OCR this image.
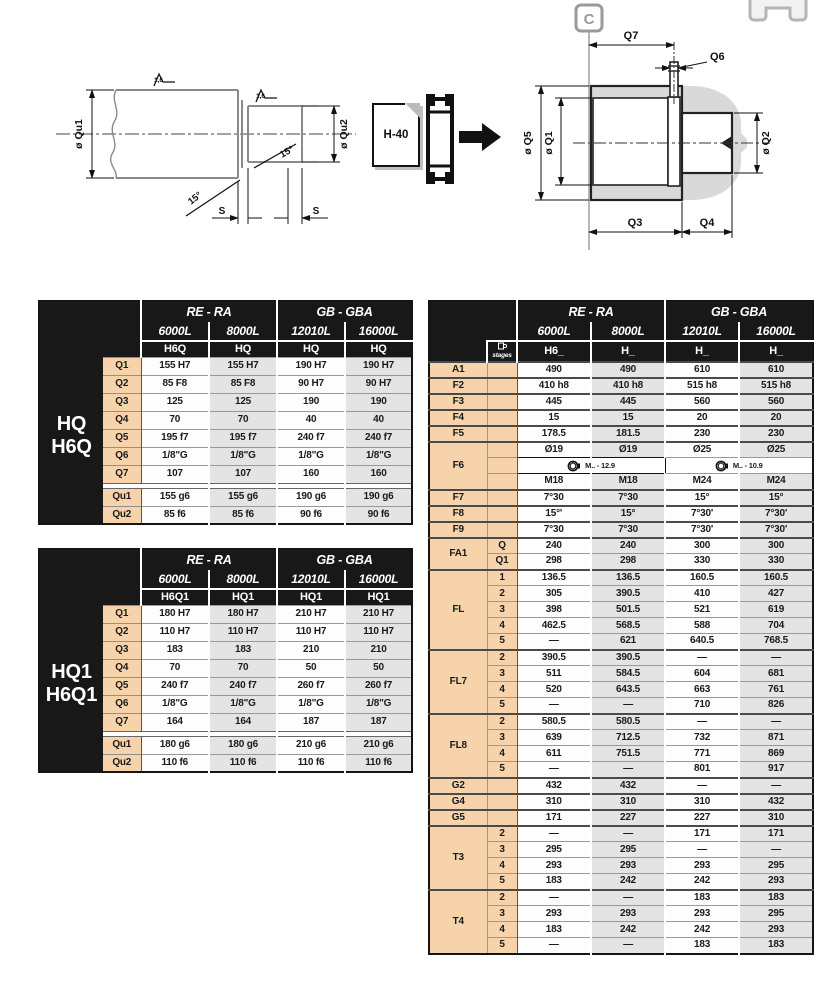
ø Qu1	ø Qu2
15°
15°
S	S
1,6
1,6
H-40
C
Q7
Q6
ø Q5 ø Q1	ø Q2
Q3	Q4
HQ
H6Q		RE - RA		GB - GBA	
		6000L	8000L	12010L	16000L
		H6Q	HQ	HQ	HQ
	Q1	155 H7	155 H7	190 H7	190 H7
	Q2	85 F8	85 F8	90 H7	90 H7
	Q3	125	125	190	190
	Q4	70	70	40	40
	Q5	195 f7	195 f7	240 f7	240 f7
	Q6	1/8"G	1/8"G	1/8"G	1/8"G
	Q7	107	107	160	160

	Qu1	155 g6	155 g6	190 g6	190 g6
	Qu2	85 f6	85 f6	90 f6	90 f6
HQ1
H6Q1		RE - RA		GB - GBA	
		6000L	8000L	12010L	16000L
		H6Q1	HQ1	HQ1	HQ1
	Q1	180 H7	180 H7	210 H7	210 H7
	Q2	110 H7	110 H7	110 H7	110 H7
	Q3	183	183	210	210
	Q4	70	70	50	50
	Q5	240 f7	240 f7	260 f7	260 f7
	Q6	1/8"G	1/8"G	1/8"G	1/8"G
	Q7	164	164	187	187

	Qu1	180 g6	180 g6	210 g6	210 g6
	Qu2	110 f6	110 f6	110 f6	110 f6
		RE - RA		GB - GBA	
		6000L	8000L	12010L	16000L

	stages	H6_	H_	H_	H_
A1		490	490	610	610
F2		410 h8	410 h8	515 h8	515 h8
F3		445	445	560	560
F4		15	15	20	20
F5		178.5	181.5	230	230
F6		Ø19	Ø19	Ø25	Ø25
		M.. - 12.9		M.. - 10.9	
		M18	M18	M24	M24
F7		7°30	7°30	15°	15°
F8		15°'	15°	7°30'	7°30'
F9		7°30	7°30	7°30'	7°30'
FA1	Q	240	240	300	300
	Q1	298	298	330	330
FL	1	136.5	136.5	160.5	160.5
	2	305	390.5	410	427
	3	398	501.5	521	619
	4	462.5	568.5	588	704
	5	—	621	640.5	768.5
FL7	2	390.5	390.5	—	—
	3	511	584.5	604	681
	4	520	643.5	663	761
	5	—	—	710	826
FL8	2	580.5	580.5	—	—
	3	639	712.5	732	871
	4	611	751.5	771	869
	5	—	—	801	917
G2		432	432	—	—
G4		310	310	310	432
G5		171	227	227	310
T3	2	—	—	171	171
	3	295	295	—	—
	4	293	293	293	295
	5	183	242	242	293
T4	2	—	—	183	183
	3	293	293	293	295
	4	183	242	242	293
	5	—	—	183	183
